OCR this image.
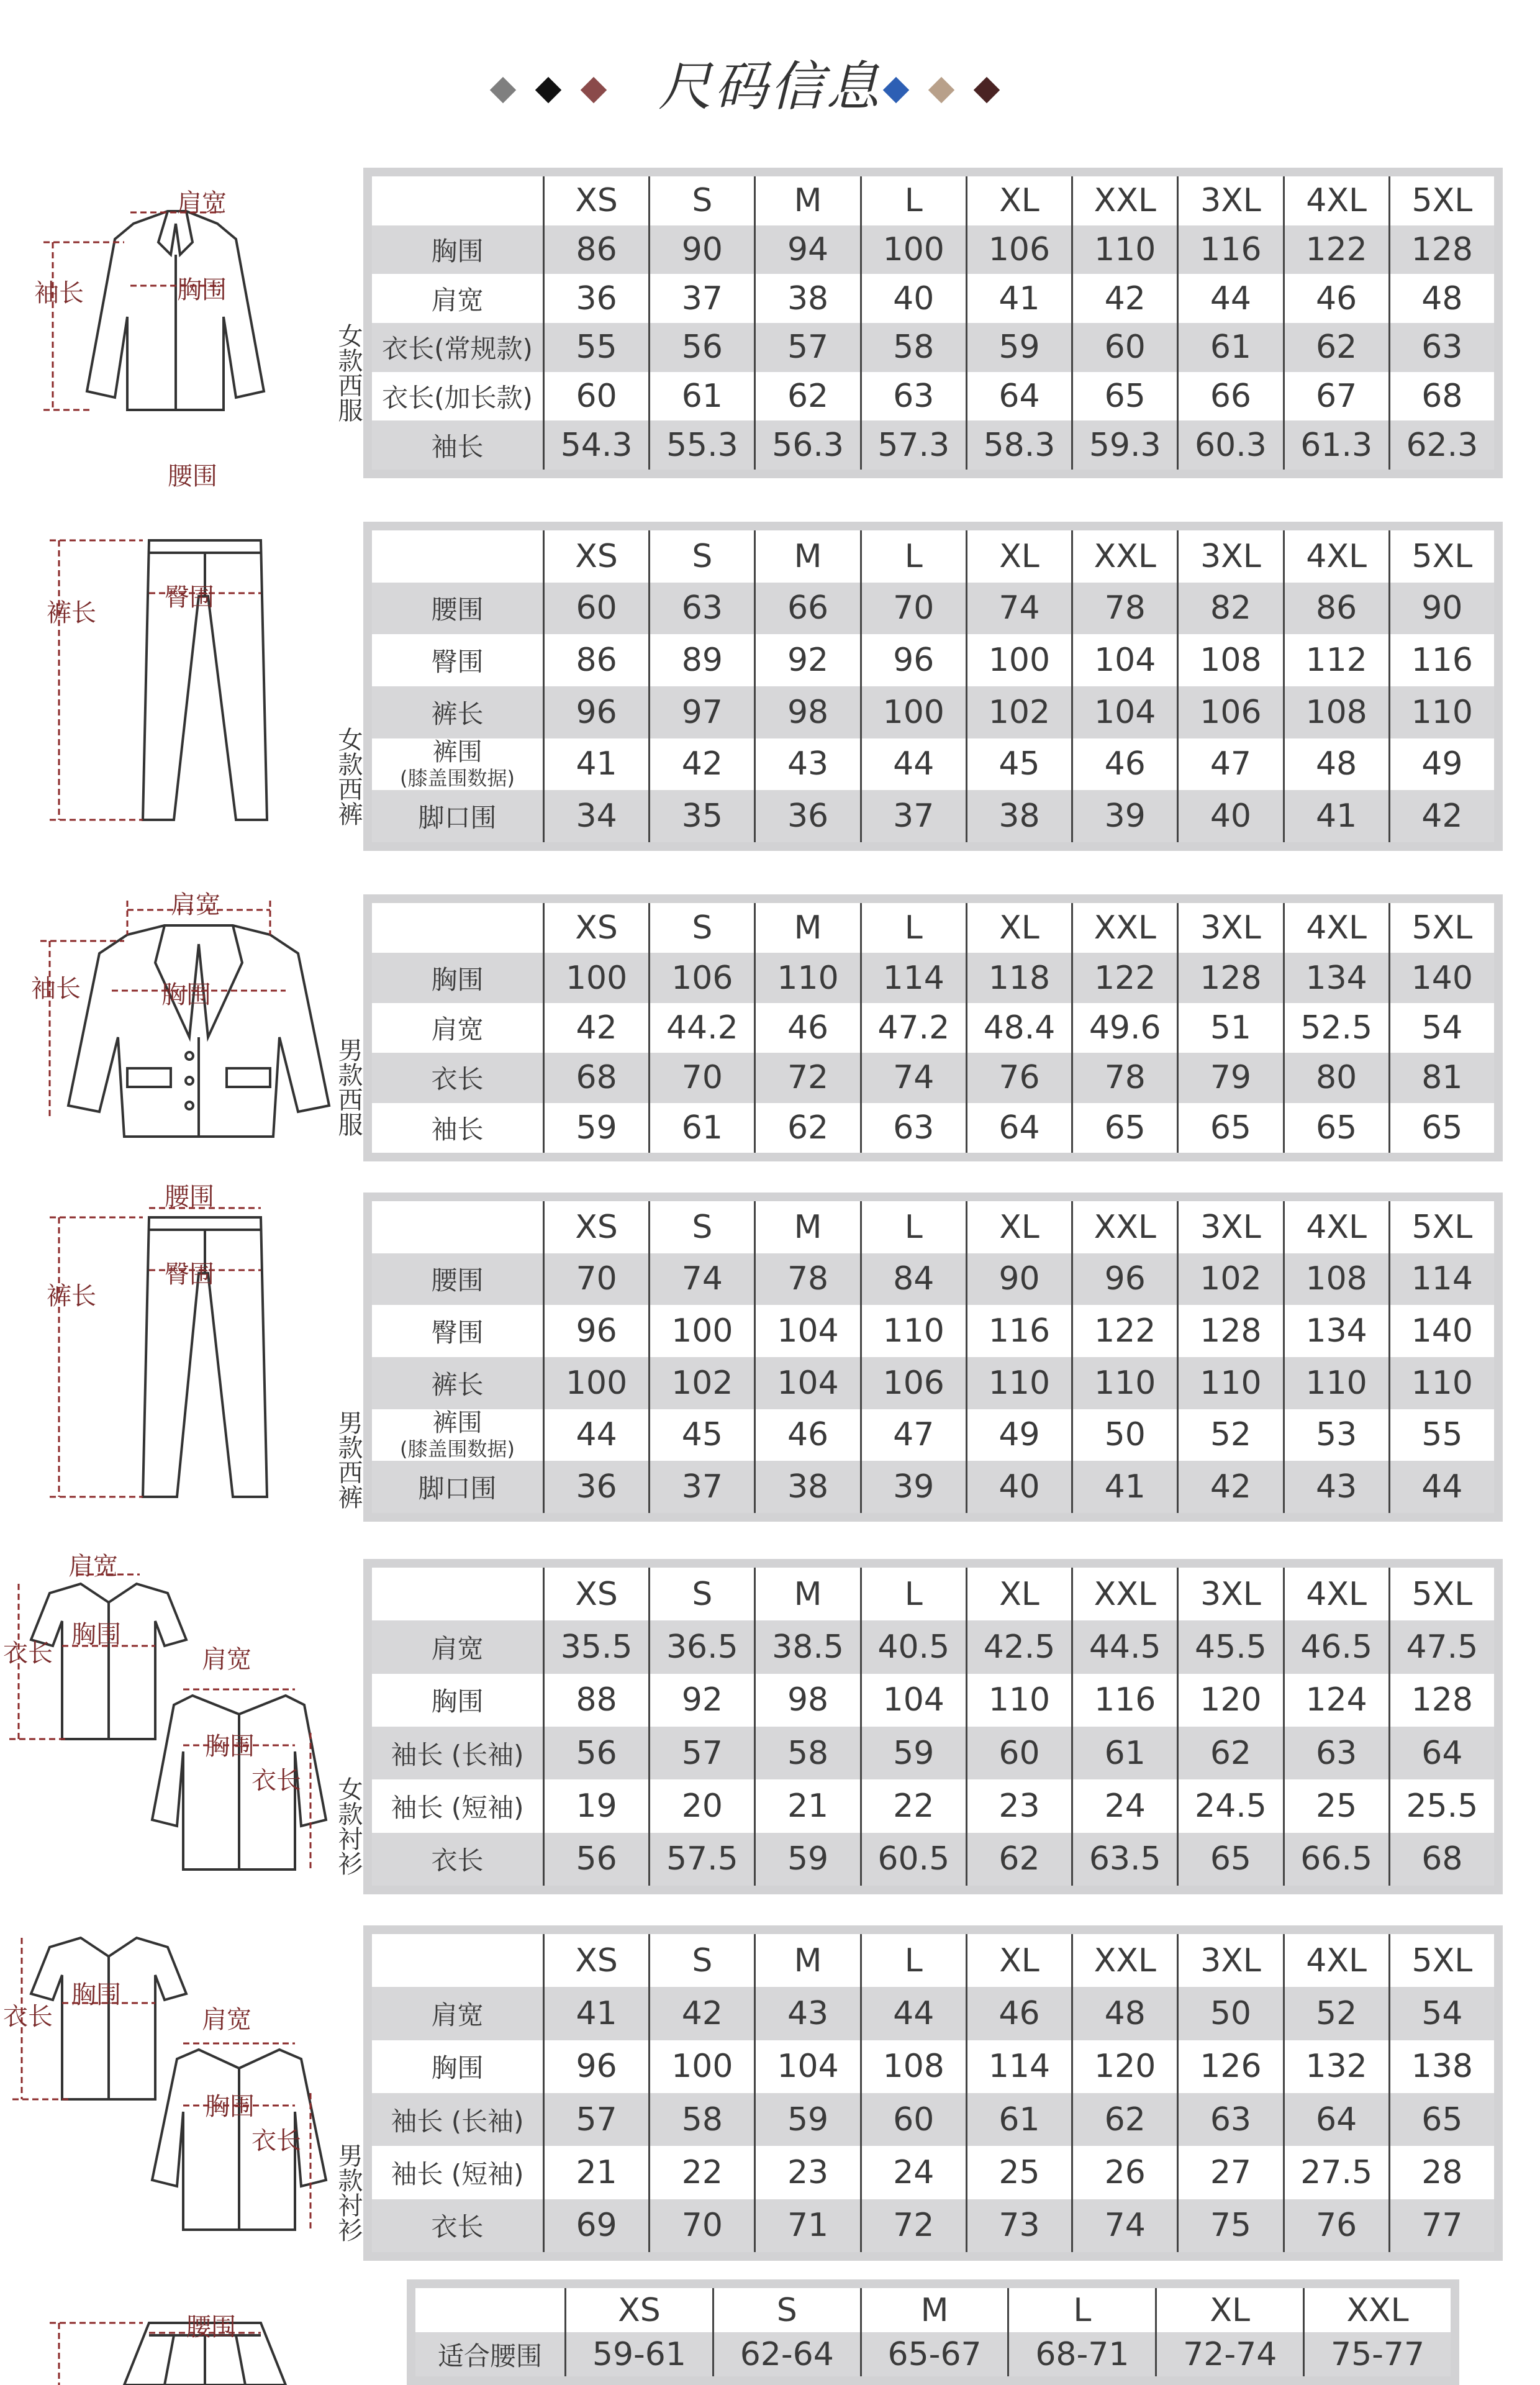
尺码信息
肩宽
袖长	胸围
腰围
女款西服
XS	S	M	L	XL	XXL	3XL	4XL	5XL
胸围	86	90	94	100	106	110	116	122	128
肩宽	36	37	38	40	41	42	44	46	48
衣长(常规款)	55	56	57	58	59	60	61	62	63
衣长(加长款)	60	61	62	63	64	65	66	67	68
袖长	54.3	55.3	56.3	57.3	58.3	59.3	60.3	61.3	62.3
裤长
臀围
女款西裤
XS	S	M	L	XL	XXL	3XL	4XL	5XL
腰围	60	63	66	70	74	78	82	86	90
臀围	86	89	92	96	100	104	108	112	116
裤长	96	97	98	100	102	104	106	108	110
裤围
(膝盖围数据)	41	42	43	44	45	46	47	48	49
脚口围	34	35	36	37	38	39	40	41	42
肩宽
袖长	胸围
男款西服
XS	S	M	L	XL	XXL	3XL	4XL	5XL
胸围	100	106	110	114	118	122	128	134	140
肩宽	42	44.2	46	47.2	48.4	49.6	51	52.5	54
衣长	68	70	72	74	76	78	79	80	81
袖长	59	61	62	63	64	65	65	65	65
腰围
裤长
臀围
男款西裤
XS	S	M	L	XL	XXL	3XL	4XL	5XL
腰围	70	74	78	84	90	96	102	108	114
臀围	96	100	104	110	116	122	128	134	140
裤长	100	102	104	106	110	110	110	110	110
裤围
(膝盖围数据)	44	45	46	47	49	50	52	53	55
脚口围	36	37	38	39	40	41	42	43	44
肩宽
衣长
胸围
肩宽
胸围
衣长 女款衬衫
XS	S	M	L	XL	XXL	3XL	4XL	5XL
肩宽	35.5	36.5	38.5	40.5	42.5	44.5	45.5	46.5	47.5
胸围	88	92	98	104	110	116	120	124	128
袖长 (长袖)	56	57	58	59	60	61	62	63	64
袖长 (短袖)	19	20	21	22	23	24	24.5	25	25.5
衣长	56	57.5	59	60.5	62	63.5	65	66.5	68
衣长
胸围
肩宽
胸围
衣长
男款衬衫
XS	S	M	L	XL	XXL	3XL	4XL	5XL
肩宽	41	42	43	44	46	48	50	52	54
胸围	96	100	104	108	114	120	126	132	138
袖长 (长袖)	57	58	59	60	61	62	63	64	65
袖长 (短袖)	21	22	23	24	25	26	27	27.5	28
衣长	69	70	71	72	73	74	75	76	77
腰围	XS	S	M	L	XL	XXL
适合腰围	59-61	62-64	65-67	68-71	72-74	75-77
